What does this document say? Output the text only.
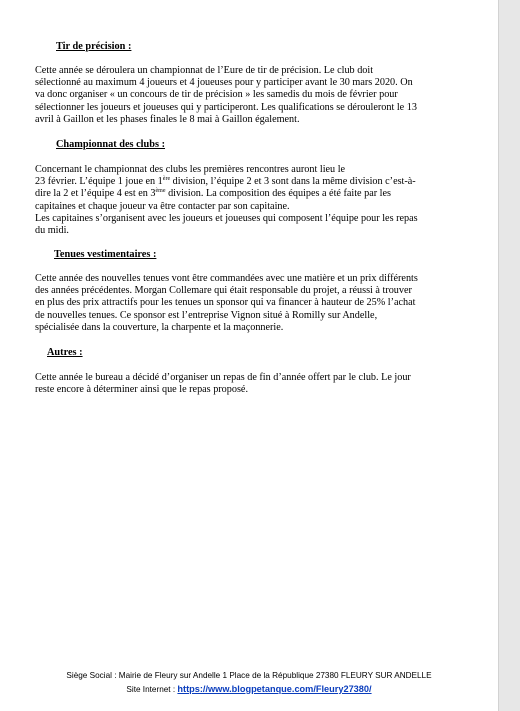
Tir de précision :
Cette année se déroulera un championnat de l’Eure de tir de précision. Le club doit
sélectionné au maximum 4 joueurs et 4 joueuses pour y participer avant le 30 mars 2020. On
va donc organiser « un concours de tir de précision » les samedis du mois de février pour
sélectionner les joueurs et joueuses qui y participeront. Les qualifications se dérouleront le 13
avril à Gaillon et les phases finales le 8 mai à Gaillon également.
Championnat des clubs :
Concernant le championnat des clubs les premières rencontres auront lieu le
23 février. L’équipe 1 joue en 1ère division, l’équipe 2 et 3 sont dans la même division c’est-à-
dire la 2 et l’équipe 4 est en 3ème division. La composition des équipes a été faite par les
capitaines et chaque joueur va être contacter par son capitaine.
Les capitaines s’organisent avec les joueurs et joueuses qui composent l’équipe pour les repas
du midi.
Tenues vestimentaires :
Cette année des nouvelles tenues vont être commandées avec une matière et un prix différents
des années précédentes. Morgan Collemare qui était responsable du projet, a réussi à trouver
en plus des prix attractifs pour les tenues un sponsor qui va financer à hauteur de 25% l’achat
de nouvelles tenues. Ce sponsor est l’entreprise Vignon situé à Romilly sur Andelle,
spécialisée dans la couverture, la charpente et la maçonnerie.
Autres :
Cette année le bureau a décidé d’organiser un repas de fin d’année offert par le club. Le jour
reste encore à déterminer ainsi que le repas proposé.
Siège Social : Mairie de Fleury sur Andelle 1 Place de la République 27380 FLEURY SUR ANDELLE
Site Internet : https://www.blogpetanque.com/Fleury27380/
